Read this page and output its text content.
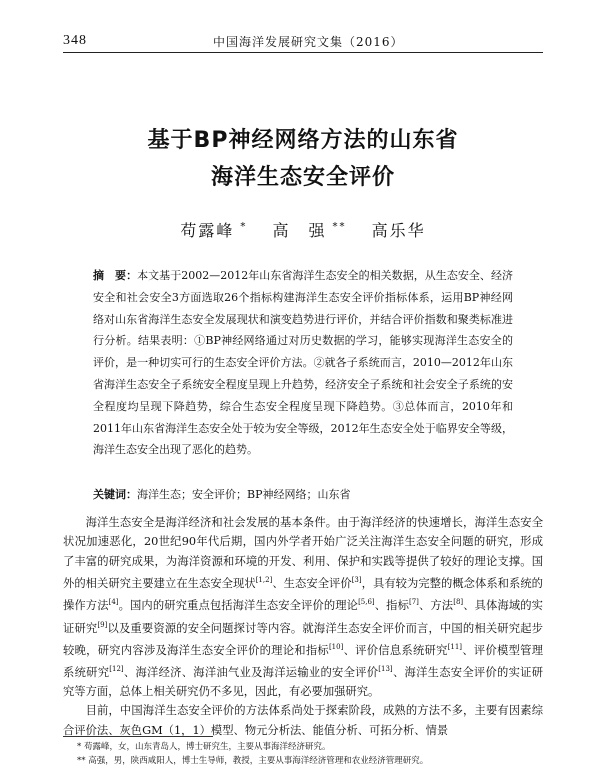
348	中国海洋发展研究文集（2016）
基于BP神经网络方法的山东省
海洋生态安全评价
苟露峰 * 高　强 ** 高乐华
摘　要：本文基于2002—2012年山东省海洋生态安全的相关数据，从生态安全、经济安全和社会安全3方面选取26个指标构建海洋生态安全评价指标体系，运用BP神经网络对山东省海洋生态安全发展现状和演变趋势进行评价，并结合评价指数和聚类标准进行分析。结果表明：①BP神经网络通过对历史数据的学习，能够实现海洋生态安全的评价，是一种切实可行的生态安全评价方法。②就各子系统而言，2010—2012年山东省海洋生态安全子系统安全程度呈现上升趋势，经济安全子系统和社会安全子系统的安全程度均呈现下降趋势，综合生态安全程度呈现下降趋势。③总体而言，2010年和2011年山东省海洋生态安全处于较为安全等级，2012年生态安全处于临界安全等级，海洋生态安全出现了恶化的趋势。
关键词：海洋生态；安全评价；BP神经网络；山东省

海洋生态安全是海洋经济和社会发展的基本条件。由于海洋经济的快速增长，海洋生态安全状况加速恶化，20世纪90年代后期，国内外学者开始广泛关注海洋生态安全问题的研究，形成了丰富的研究成果，为海洋资源和环境的开发、利用、保护和实践等提供了较好的理论支撑。国外的相关研究主要建立在生态安全现状[1,2]、生态安全评价[3]，具有较为完整的概念体系和系统的操作方法[4]。国内的研究重点包括海洋生态安全评价的理论[5,6]、指标[7]、方法[8]、具体海域的实证研究[9]以及重要资源的安全问题探讨等内容。就海洋生态安全评价而言，中国的相关研究起步较晚，研究内容涉及海洋生态安全评价的理论和指标[10]、评价信息系统研究[11]、评价模型管理系统研究[12]、海洋经济、海洋油气业及海洋运输业的安全评价[13]、海洋生态安全评价的实证研究等方面，总体上相关研究仍不多见，因此，有必要加强研究。

目前，中国海洋生态安全评价的方法体系尚处于探索阶段，成熟的方法不多，主要有因素综合评价法、灰色GM（1，1）模型、物元分析法、能值分析、可拓分析、情景

* 苟露峰，女，山东青岛人，博士研究生，主要从事海洋经济研究。
** 高强，男，陕西咸阳人，博士生导师，教授，主要从事海洋经济管理和农业经济管理研究。
